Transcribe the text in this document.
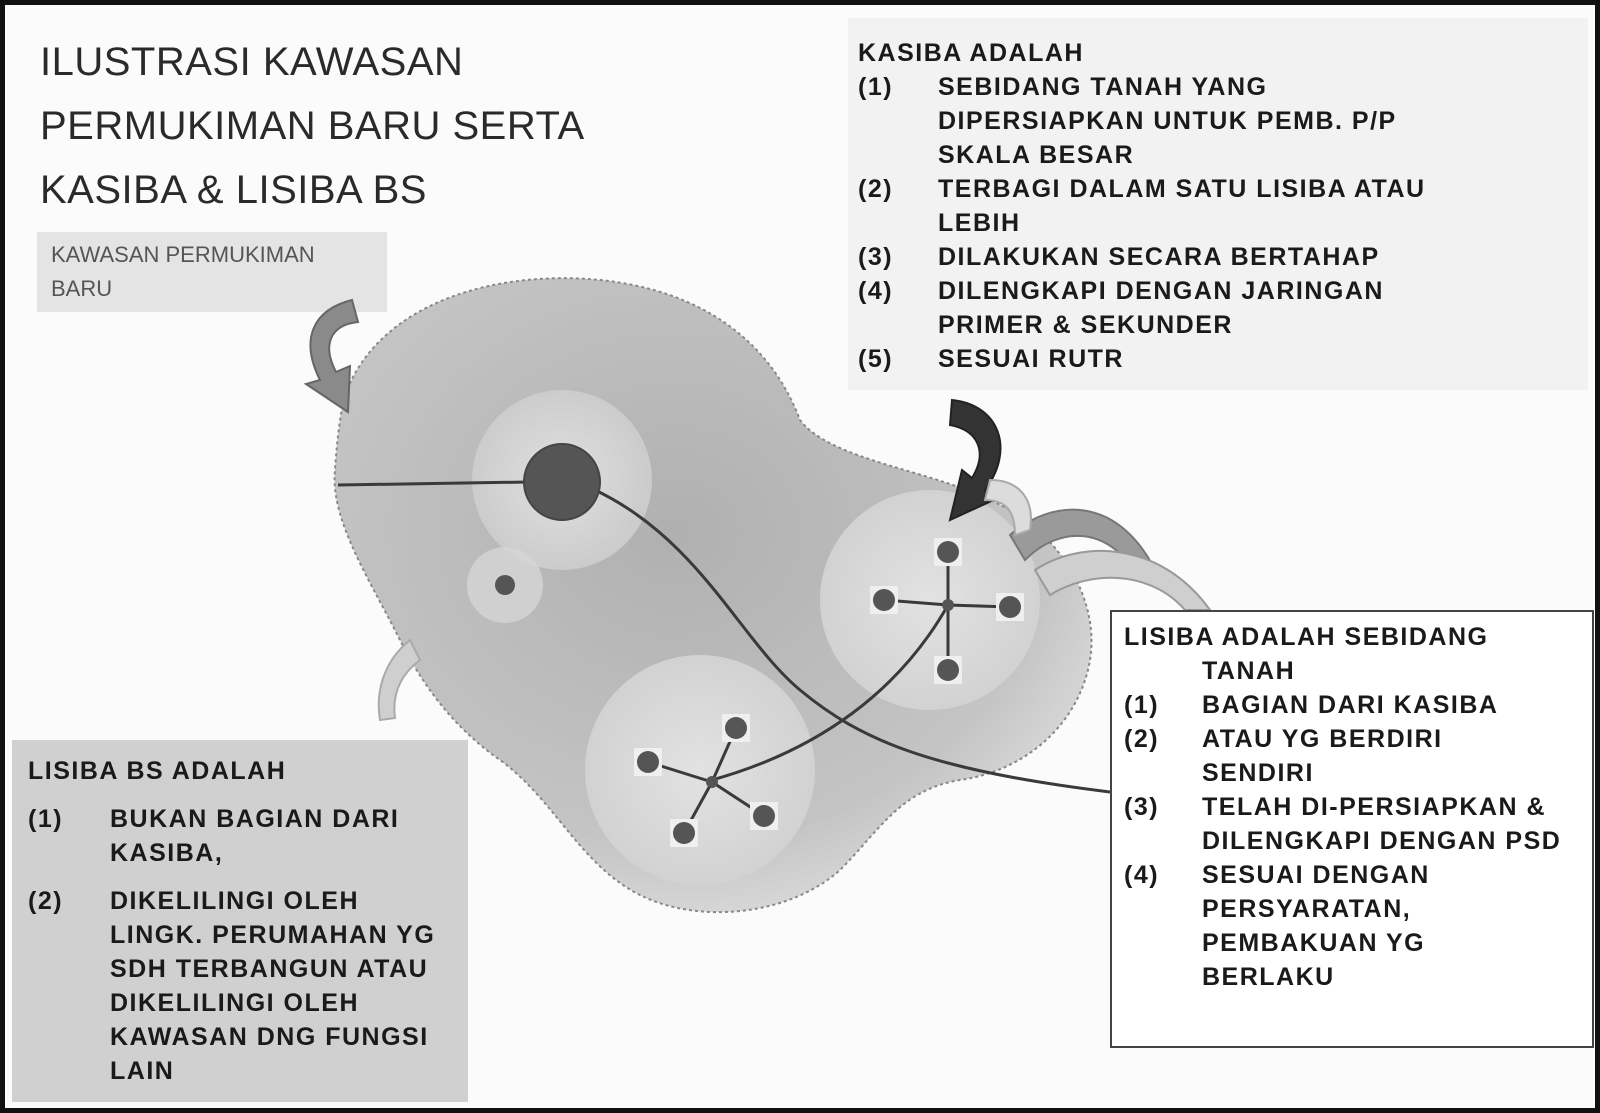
ILUSTRASI KAWASAN
PERMUKIMAN BARU SERTA
KASIBA & LISIBA BS
KAWASAN PERMUKIMAN
BARU
KASIBA ADALAH
(1)	SEBIDANG TANAH YANG DIPERSIAPKAN UNTUK PEMB. P/P SKALA BESAR
(2)	TERBAGI DALAM SATU LISIBA ATAU LEBIH
(3)	DILAKUKAN SECARA BERTAHAP
(4)	DILENGKAPI DENGAN JARINGAN PRIMER & SEKUNDER
(5)	SESUAI RUTR
LISIBA ADALAH SEBIDANG
TANAH
(1)	BAGIAN DARI KASIBA
(2)	ATAU YG BERDIRI SENDIRI
(3)	TELAH DI-PERSIAPKAN & DILENGKAPI DENGAN PSD
(4)	SESUAI DENGAN PERSYARATAN, PEMBAKUAN YG BERLAKU
LISIBA BS ADALAH
(1)	BUKAN BAGIAN DARI KASIBA,
(2)	DIKELILINGI OLEH LINGK. PERUMAHAN YG SDH TERBANGUN ATAU DIKELILINGI OLEH KAWASAN DNG FUNGSI LAIN
